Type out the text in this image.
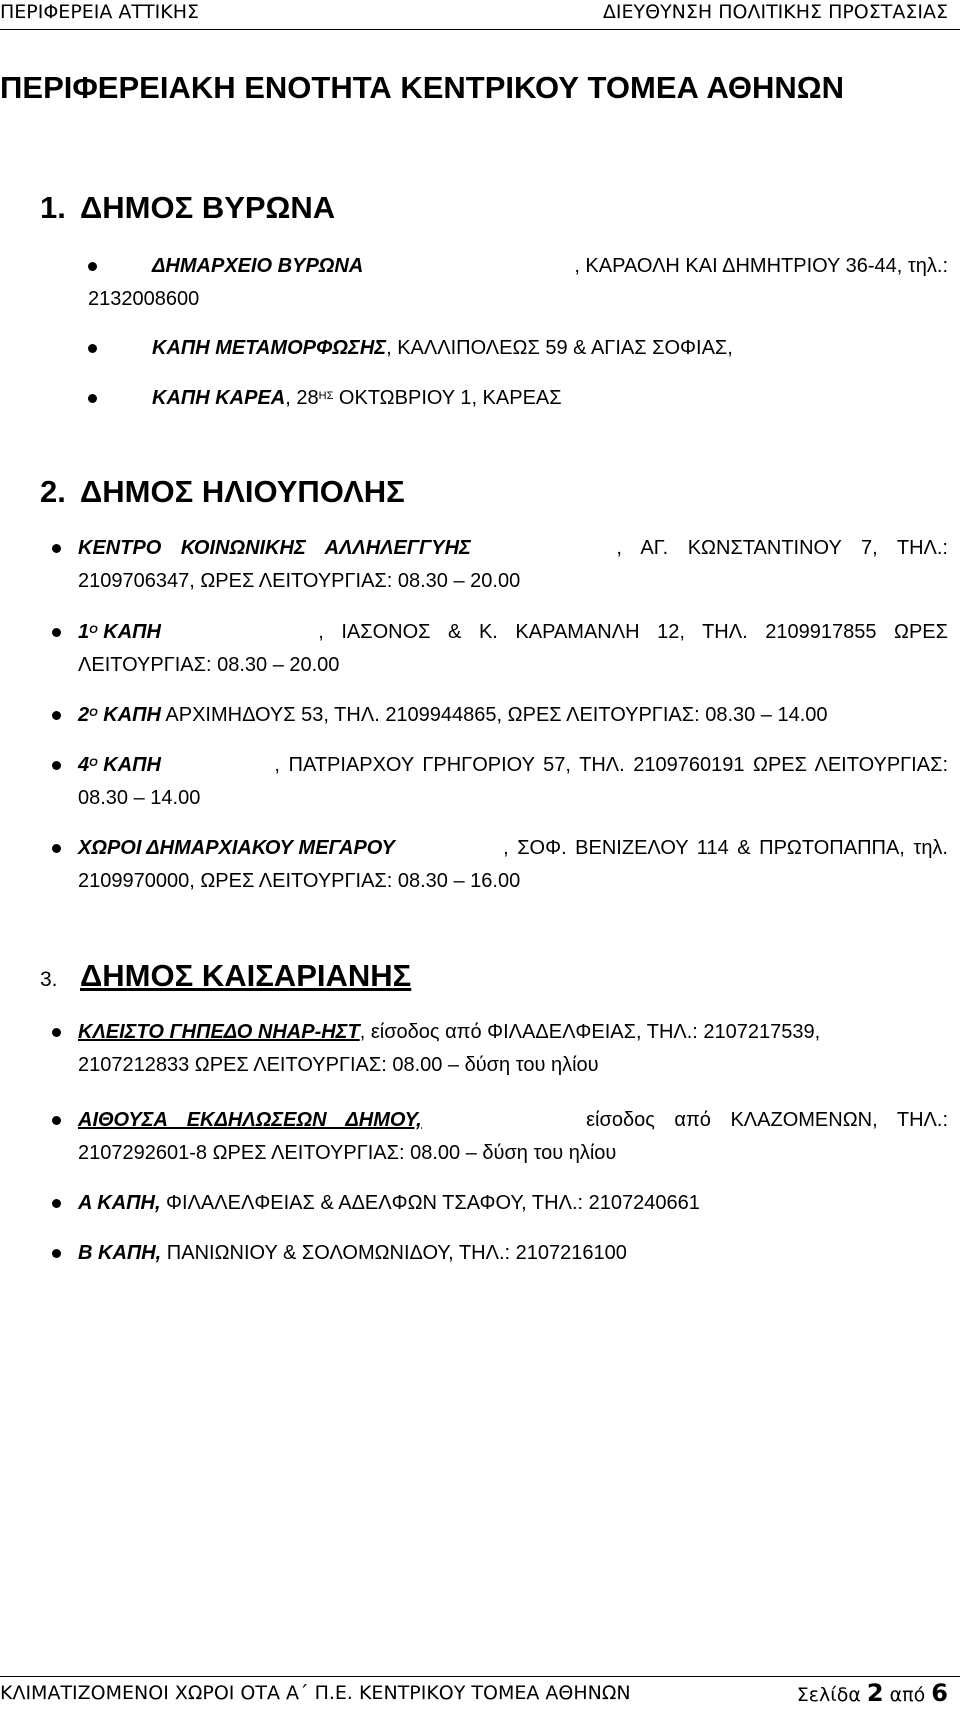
ΠΕΡΙΦΕΡΕΙΑ ΑΤΤΙΚΗΣ	ΔΙΕΥΘΥΝΣΗ ΠΟΛΙΤΙΚΗΣ ΠΡΟΣΤΑΣΙΑΣ
ΠΕΡΙΦΕΡΕΙΑΚΗ ΕΝΟΤΗΤΑ ΚΕΝΤΡΙΚΟΥ ΤΟΜΕΑ ΑΘΗΝΩΝ
1. ΔΗΜΟΣ ΒΥΡΩΝΑ
ΔΗΜΑΡΧΕΙΟ ΒΥΡΩΝΑ	, ΚΑΡΑΟΛΗ ΚΑΙ ΔΗΜΗΤΡΙΟΥ 36-44, τηλ.:
2132008600
ΚΑΠΗ ΜΕΤΑΜΟΡΦΩΣΗΣ, ΚΑΛΛΙΠΟΛΕΩΣ 59 & ΑΓΙΑΣ ΣΟΦΙΑΣ,
ΚΑΠΗ ΚΑΡΕΑ, $28^{H\Sigma}$ ΟΚΤΩΒΡΙΟΥ 1, ΚΑΡΕΑΣ
2. ΔΗΜΟΣ ΗΛΙΟΥΠΟΛΗΣ
ΚΕΝΤΡΟ ΚΟΙΝΩΝΙΚΗΣ ΑΛΛΗΛΕΓΓΥΗΣ	, ΑΓ. ΚΩΝΣΤΑΝΤΙΝΟΥ 7, ΤΗΛ.:
2109706347, ΩΡΕΣ ΛΕΙΤΟΥΡΓΙΑΣ: 08.30 – 20.00
$1^O$ ΚΑΠΗ	, ΙΑΣΟΝΟΣ & Κ. ΚΑΡΑΜΑΝΛΗ 12, ΤΗΛ. 2109917855 ΩΡΕΣ
ΛΕΙΤΟΥΡΓΙΑΣ: 08.30 – 20.00
$2^O$ ΚΑΠΗ ΑΡΧΙΜΗΔΟΥΣ 53, ΤΗΛ. 2109944865, ΩΡΕΣ ΛΕΙΤΟΥΡΓΙΑΣ: 08.30 – 14.00
$4^O$ ΚΑΠΗ	, ΠΑΤΡΙΑΡΧΟΥ ΓΡΗΓΟΡΙΟΥ 57, ΤΗΛ. 2109760191 ΩΡΕΣ ΛΕΙΤΟΥΡΓΙΑΣ:
08.30 – 14.00
ΧΩΡΟΙ ΔΗΜΑΡΧΙΑΚΟΥ ΜΕΓΑΡΟΥ	, ΣΟΦ. ΒΕΝΙΖΕΛΟΥ 114 & ΠΡΩΤΟΠΑΠΠΑ, τηλ.
2109970000, ΩΡΕΣ ΛΕΙΤΟΥΡΓΙΑΣ: 08.30 – 16.00
3. ΔΗΜΟΣ ΚΑΙΣΑΡΙΑΝΗΣ
ΚΛΕΙΣΤΟ ΓΗΠΕΔΟ ΝΗΑΡ-ΗΣΤ, είσοδος από ΦΙΛΑΔΕΛΦΕΙΑΣ, ΤΗΛ.: 2107217539,
2107212833 ΩΡΕΣ ΛΕΙΤΟΥΡΓΙΑΣ: 08.00 – δύση του ηλίου
ΑΙΘΟΥΣΑ ΕΚΔΗΛΩΣΕΩΝ ΔΗΜΟΥ,	είσοδος από ΚΛΑΖΟΜΕΝΩΝ, ΤΗΛ.:
2107292601-8 ΩΡΕΣ ΛΕΙΤΟΥΡΓΙΑΣ: 08.00 – δύση του ηλίου
Α ΚΑΠΗ, ΦΙΛΑΛΕΛΦΕΙΑΣ & ΑΔΕΛΦΩΝ ΤΣΑΦΟΥ, ΤΗΛ.: 2107240661
Β ΚΑΠΗ, ΠΑΝΙΩΝΙΟΥ & ΣΟΛΟΜΩΝΙΔΟΥ, ΤΗΛ.: 2107216100
ΚΛΙΜΑΤΙΖΟΜΕΝΟΙ ΧΩΡΟΙ ΟΤΑ Α΄ Π.Ε. ΚΕΝΤΡΙΚΟΥ ΤΟΜΕΑ ΑΘΗΝΩΝ	Σελίδα 2 από 6
